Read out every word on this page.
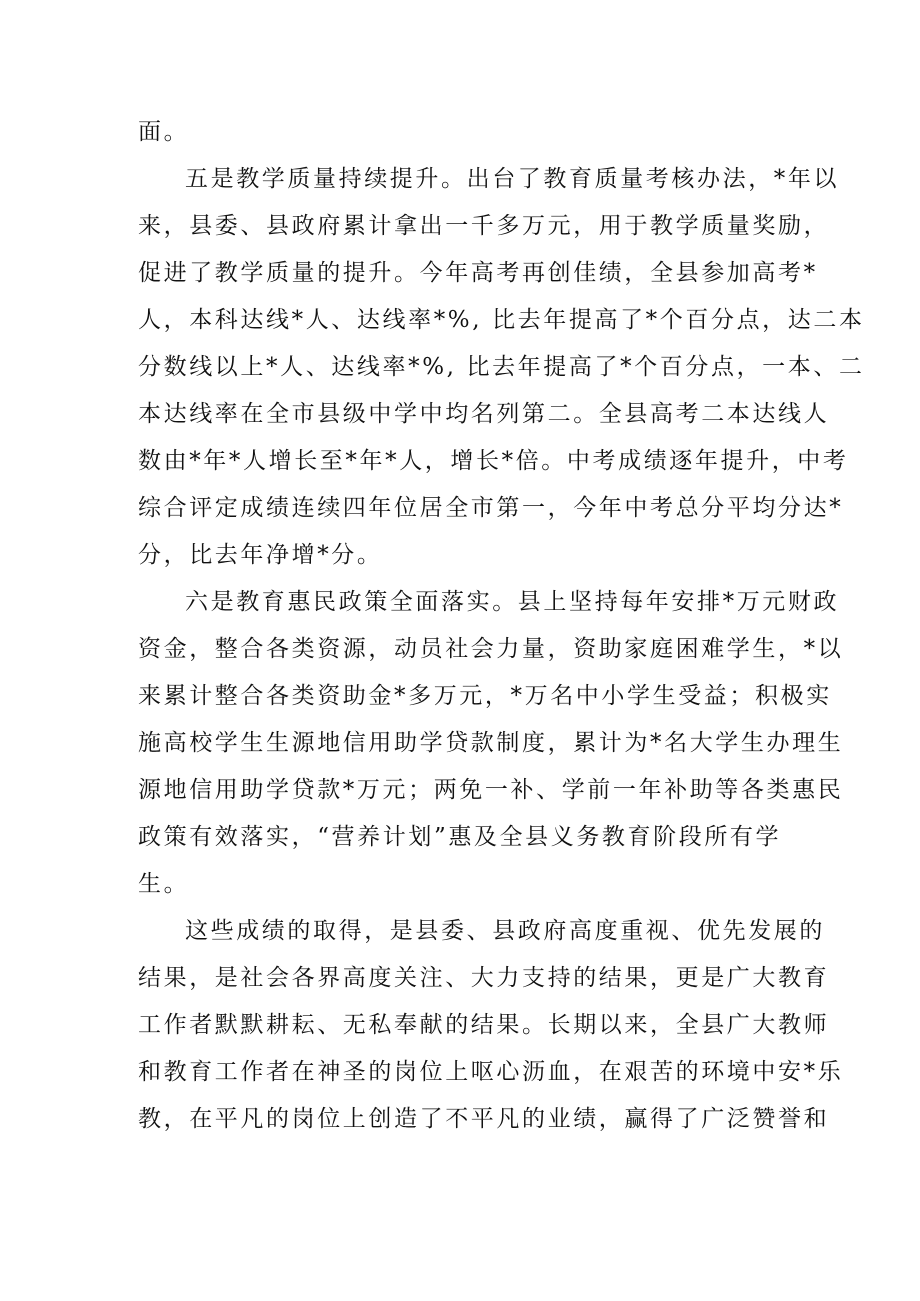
面。
五是教学质量持续提升。出台了教育质量考核办法，*年以
来，县委、县政府累计拿出一千多万元，用于教学质量奖励，
促进了教学质量的提升。今年高考再创佳绩，全县参加高考*
人，本科达线*人、达线率*%, 比去年提高了*个百分点，达二本
分数线以上*人、达线率*%, 比去年提高了*个百分点，一本、二
本达线率在全市县级中学中均名列第二。全县高考二本达线人
数由*年*人增长至*年*人，增长*倍。中考成绩逐年提升，中考
综合评定成绩连续四年位居全市第一，今年中考总分平均分达*
分，比去年净增*分。
六是教育惠民政策全面落实。县上坚持每年安排*万元财政
资金，整合各类资源，动员社会力量，资助家庭困难学生，*以
来累计整合各类资助金*多万元，*万名中小学生受益；积极实
施高校学生生源地信用助学贷款制度，累计为*名大学生办理生
源地信用助学贷款*万元；两免一补、学前一年补助等各类惠民
政策有效落实，“营养计划”惠及全县义务教育阶段所有学
生。
这些成绩的取得，是县委、县政府高度重视、优先发展的
结果，是社会各界高度关注、大力支持的结果，更是广大教育
工作者默默耕耘、无私奉献的结果。长期以来，全县广大教师
和教育工作者在神圣的岗位上呕心沥血，在艰苦的环境中安*乐
教，在平凡的岗位上创造了不平凡的业绩，赢得了广泛赞誉和
